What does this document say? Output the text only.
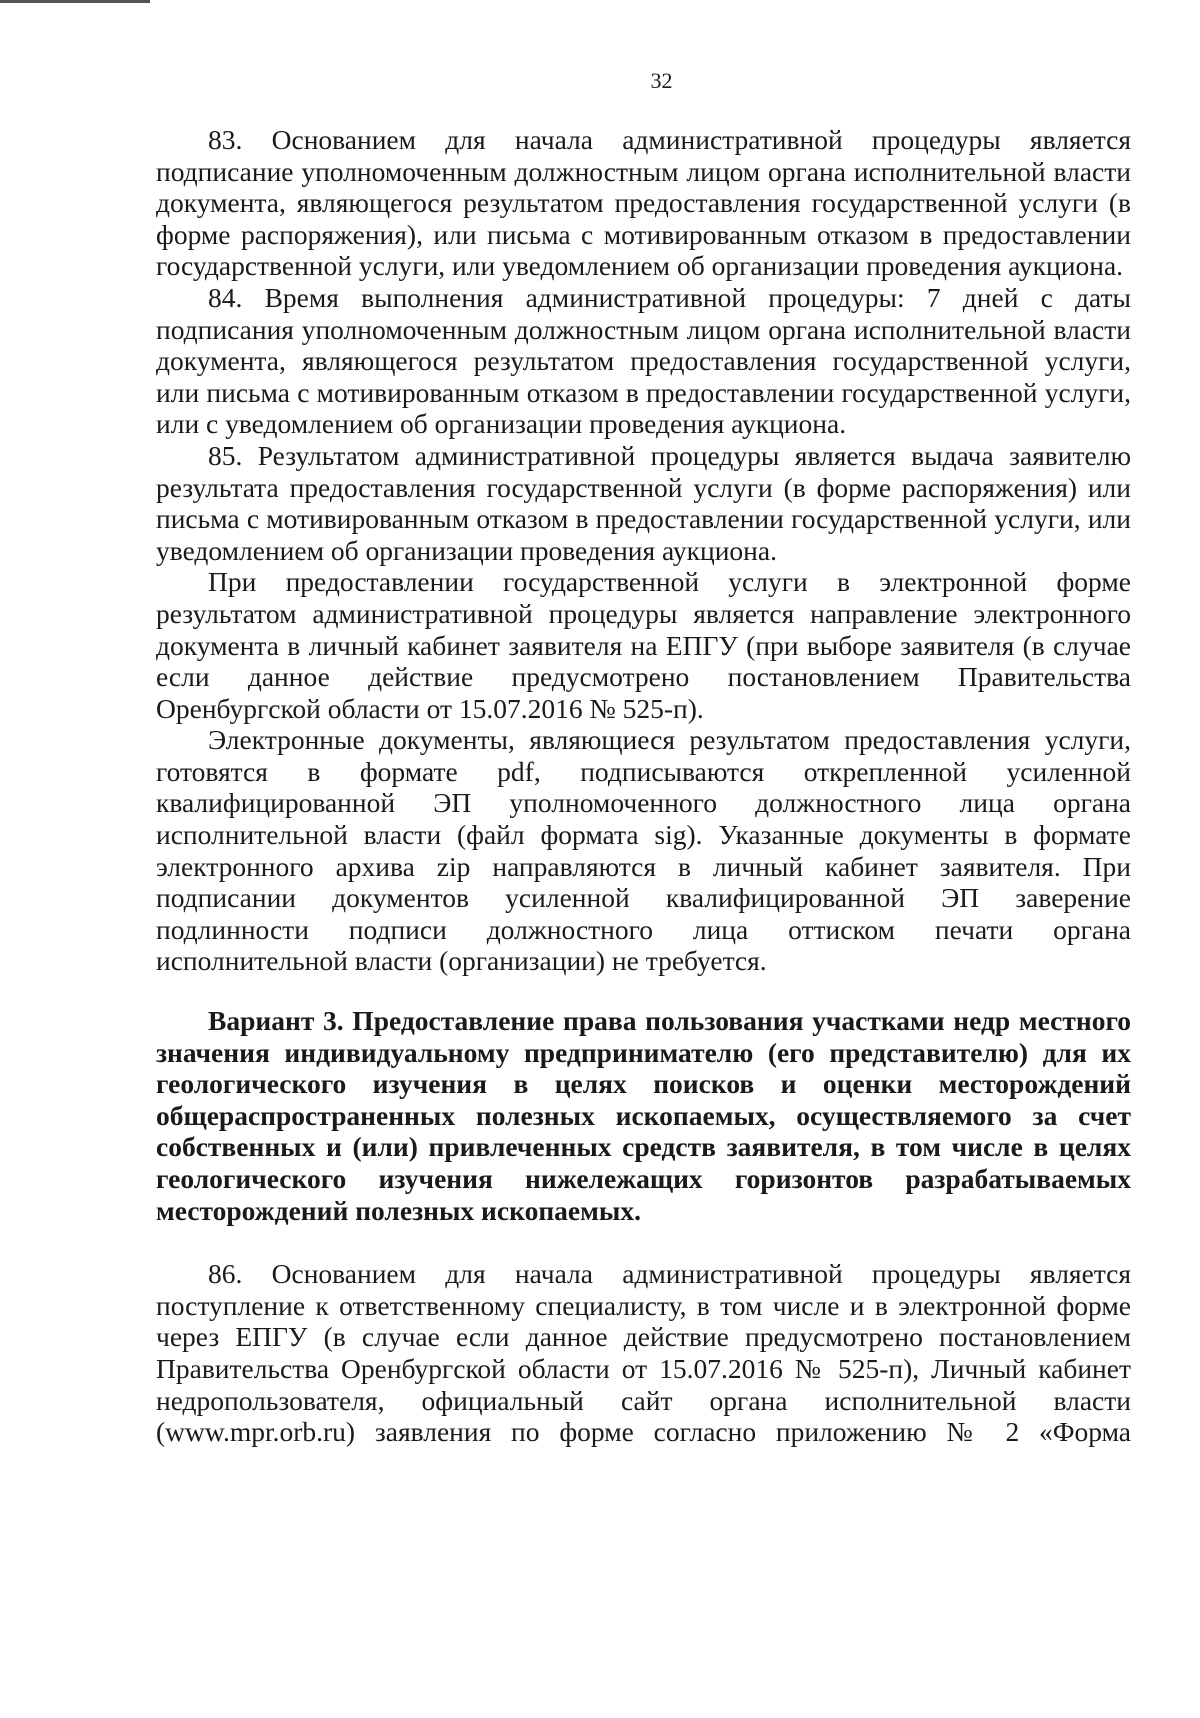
32

83. Основанием для начала административной процедуры является подписание уполномоченным должностным лицом органа исполнительной власти документа, являющегося результатом предоставления государственной услуги (в форме распоряжения), или письма с мотивированным отказом в предоставлении государственной услуги, или уведомлением об организации проведения аукциона.

84. Время выполнения административной процедуры: 7 дней с даты подписания уполномоченным должностным лицом органа исполнительной власти документа, являющегося результатом предоставления государственной услуги, или письма с мотивированным отказом в предоставлении государственной услуги, или с уведомлением об организации проведения аукциона.

85. Результатом административной процедуры является выдача заявителю результата предоставления государственной услуги (в форме распоряжения) или письма с мотивированным отказом в предоставлении государственной услуги, или уведомлением об организации проведения аукциона.

При предоставлении государственной услуги в электронной форме результатом административной процедуры является направление электронного документа в личный кабинет заявителя на ЕПГУ (при выборе заявителя (в случае если данное действие предусмотрено постановлением Правительства Оренбургской области от 15.07.2016 № 525-п).

Электронные документы, являющиеся результатом предоставления услуги, готовятся в формате pdf, подписываются открепленной усиленной квалифицированной ЭП уполномоченного должностного лица органа исполнительной власти (файл формата sig). Указанные документы в формате электронного архива zip направляются в личный кабинет заявителя. При подписании документов усиленной квалифицированной ЭП заверение подлинности подписи должностного лица оттиском печати органа исполнительной власти (организации) не требуется.

Вариант 3. Предоставление права пользования участками недр местного значения индивидуальному предпринимателю (его представителю) для их геологического изучения в целях поисков и оценки месторождений общераспространенных полезных ископаемых, осуществляемого за счет собственных и (или) привлеченных средств заявителя, в том числе в целях геологического изучения нижележащих горизонтов разрабатываемых месторождений полезных ископаемых.

86. Основанием для начала административной процедуры является поступление к ответственному специалисту, в том числе и в электронной форме через ЕПГУ (в случае если данное действие предусмотрено постановлением Правительства Оренбургской области от 15.07.2016 № 525-п), Личный кабинет недропользователя, официальный сайт органа исполнительной власти (www.mpr.orb.ru) заявления по форме согласно приложению № 2 «Форма
